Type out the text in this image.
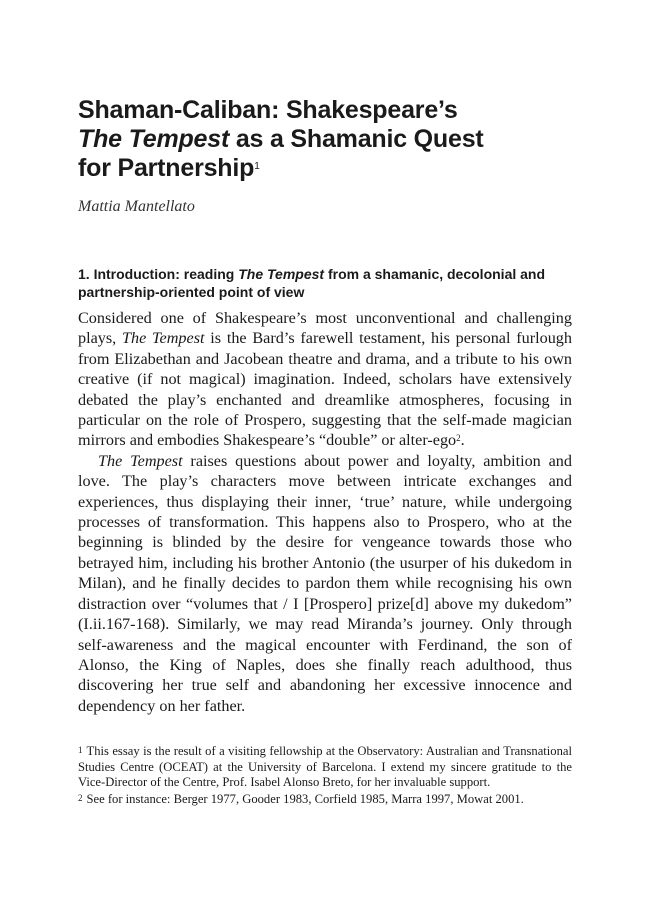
Shaman-Caliban: Shakespeare’s
The Tempest as a Shamanic Quest
for Partnership$^1$
Mattia Mantellato
1. Introduction: reading The Tempest from a shamanic, decolonial and partnership-oriented point of view

Considered one of Shakespeare’s most unconventional and challenging plays, The Tempest is the Bard’s farewell testament, his personal furlough from Elizabethan and Jacobean theatre and drama, and a tribute to his own creative (if not magical) imagination. Indeed, scholars have extensively debated the play’s enchanted and dreamlike atmospheres, focusing in particular on the role of Prospero, suggesting that the self-made magician mirrors and embodies Shakespeare’s “double” or alter-ego$^2$.

The Tempest raises questions about power and loyalty, ambition and love. The play’s characters move between intricate exchanges and experiences, thus displaying their inner, ‘true’ nature, while undergoing processes of transformation. This happens also to Prospero, who at the beginning is blinded by the desire for vengeance towards those who betrayed him, including his brother Antonio (the usurper of his dukedom in Milan), and he finally decides to pardon them while recognising his own distraction over “volumes that / I [Prospero] prize[d] above my dukedom” (I.ii.167-168). Similarly, we may read Miranda’s journey. Only through self-awareness and the magical encounter with Ferdinand, the son of Alonso, the King of Naples, does she finally reach adulthood, thus discovering her true self and abandoning her excessive innocence and dependency on her father.

$^1$ This essay is the result of a visiting fellowship at the Observatory: Australian and Transnational Studies Centre (OCEAT) at the University of Barcelona. I extend my sincere gratitude to the Vice-Director of the Centre, Prof. Isabel Alonso Breto, for her invaluable support.

$^2$ See for instance: Berger 1977, Gooder 1983, Corfield 1985, Marra 1997, Mowat 2001.
